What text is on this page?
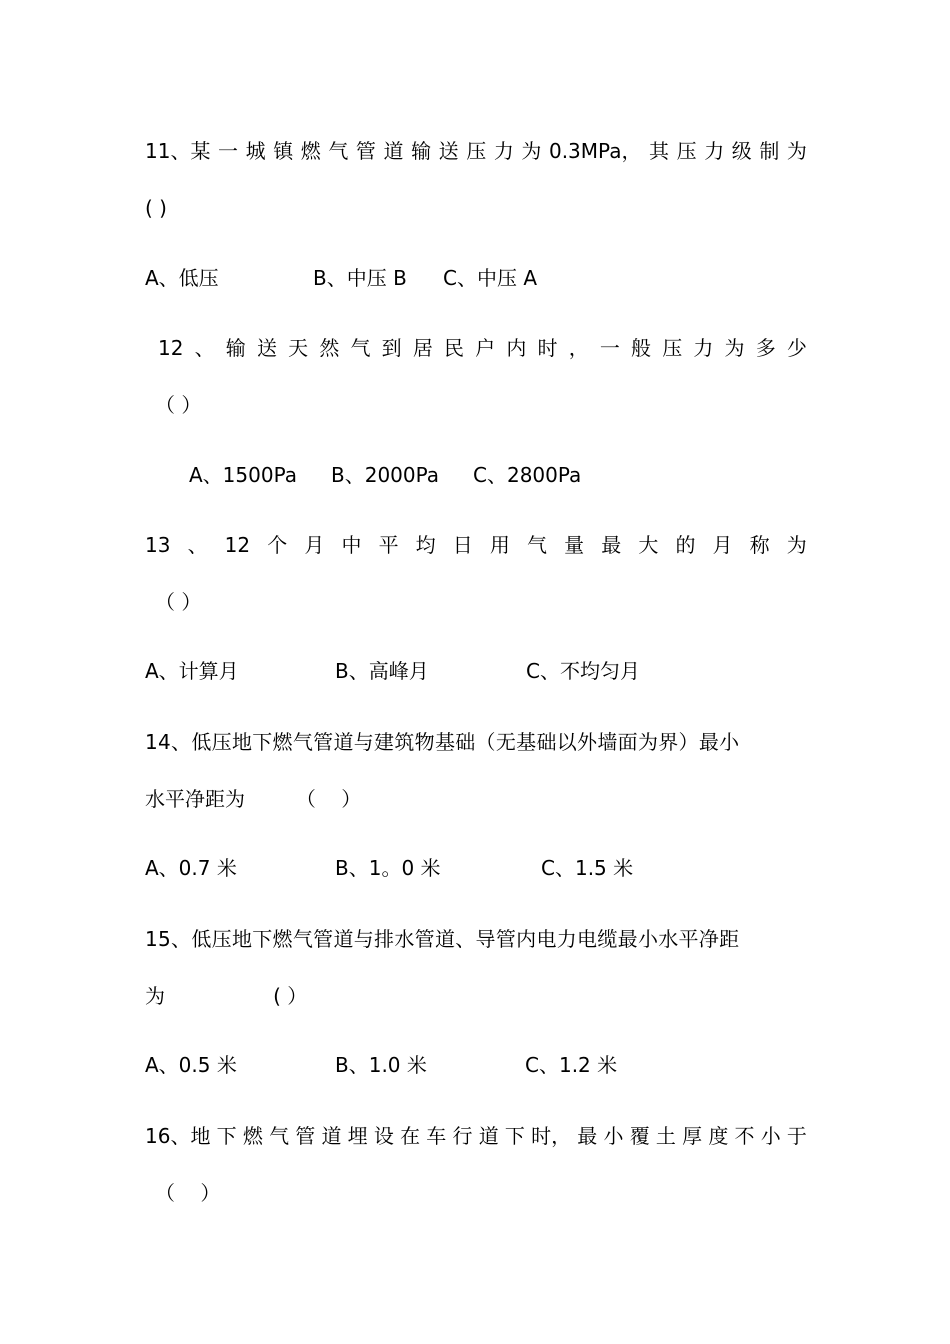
11、某 一 城 镇 燃 气 管 道 输 送 压 力 为 0.3MPa， 其 压 力 级 制 为
( )
A、低压	B、中压 B C、中压 A
12 、 输 送 天 然 气 到 居 民 户 内 时 ， 一 般 压 力 为 多 少
（ ）
A、1500Pa B、2000Pa C、2800Pa
13 、 12 个 月 中 平 均 日 用 气 量 最 大 的 月 称 为
（ ）
A、计算月	B、高峰月	C、不均匀月
14、低压地下燃气管道与建筑物基础（无基础以外墙面为界）最小
水平净距为        （    ）
A、0.7 米	B、1。0 米	C、1.5 米
15、低压地下燃气管道与排水管道、导管内电力电缆最小水平净距
为                 ( ）
A、0.5 米	B、1.0 米	C、1.2 米
16、地 下 燃 气 管 道 埋 设 在 车 行 道 下 时， 最 小 覆 土 厚 度 不 小 于
（    ）
